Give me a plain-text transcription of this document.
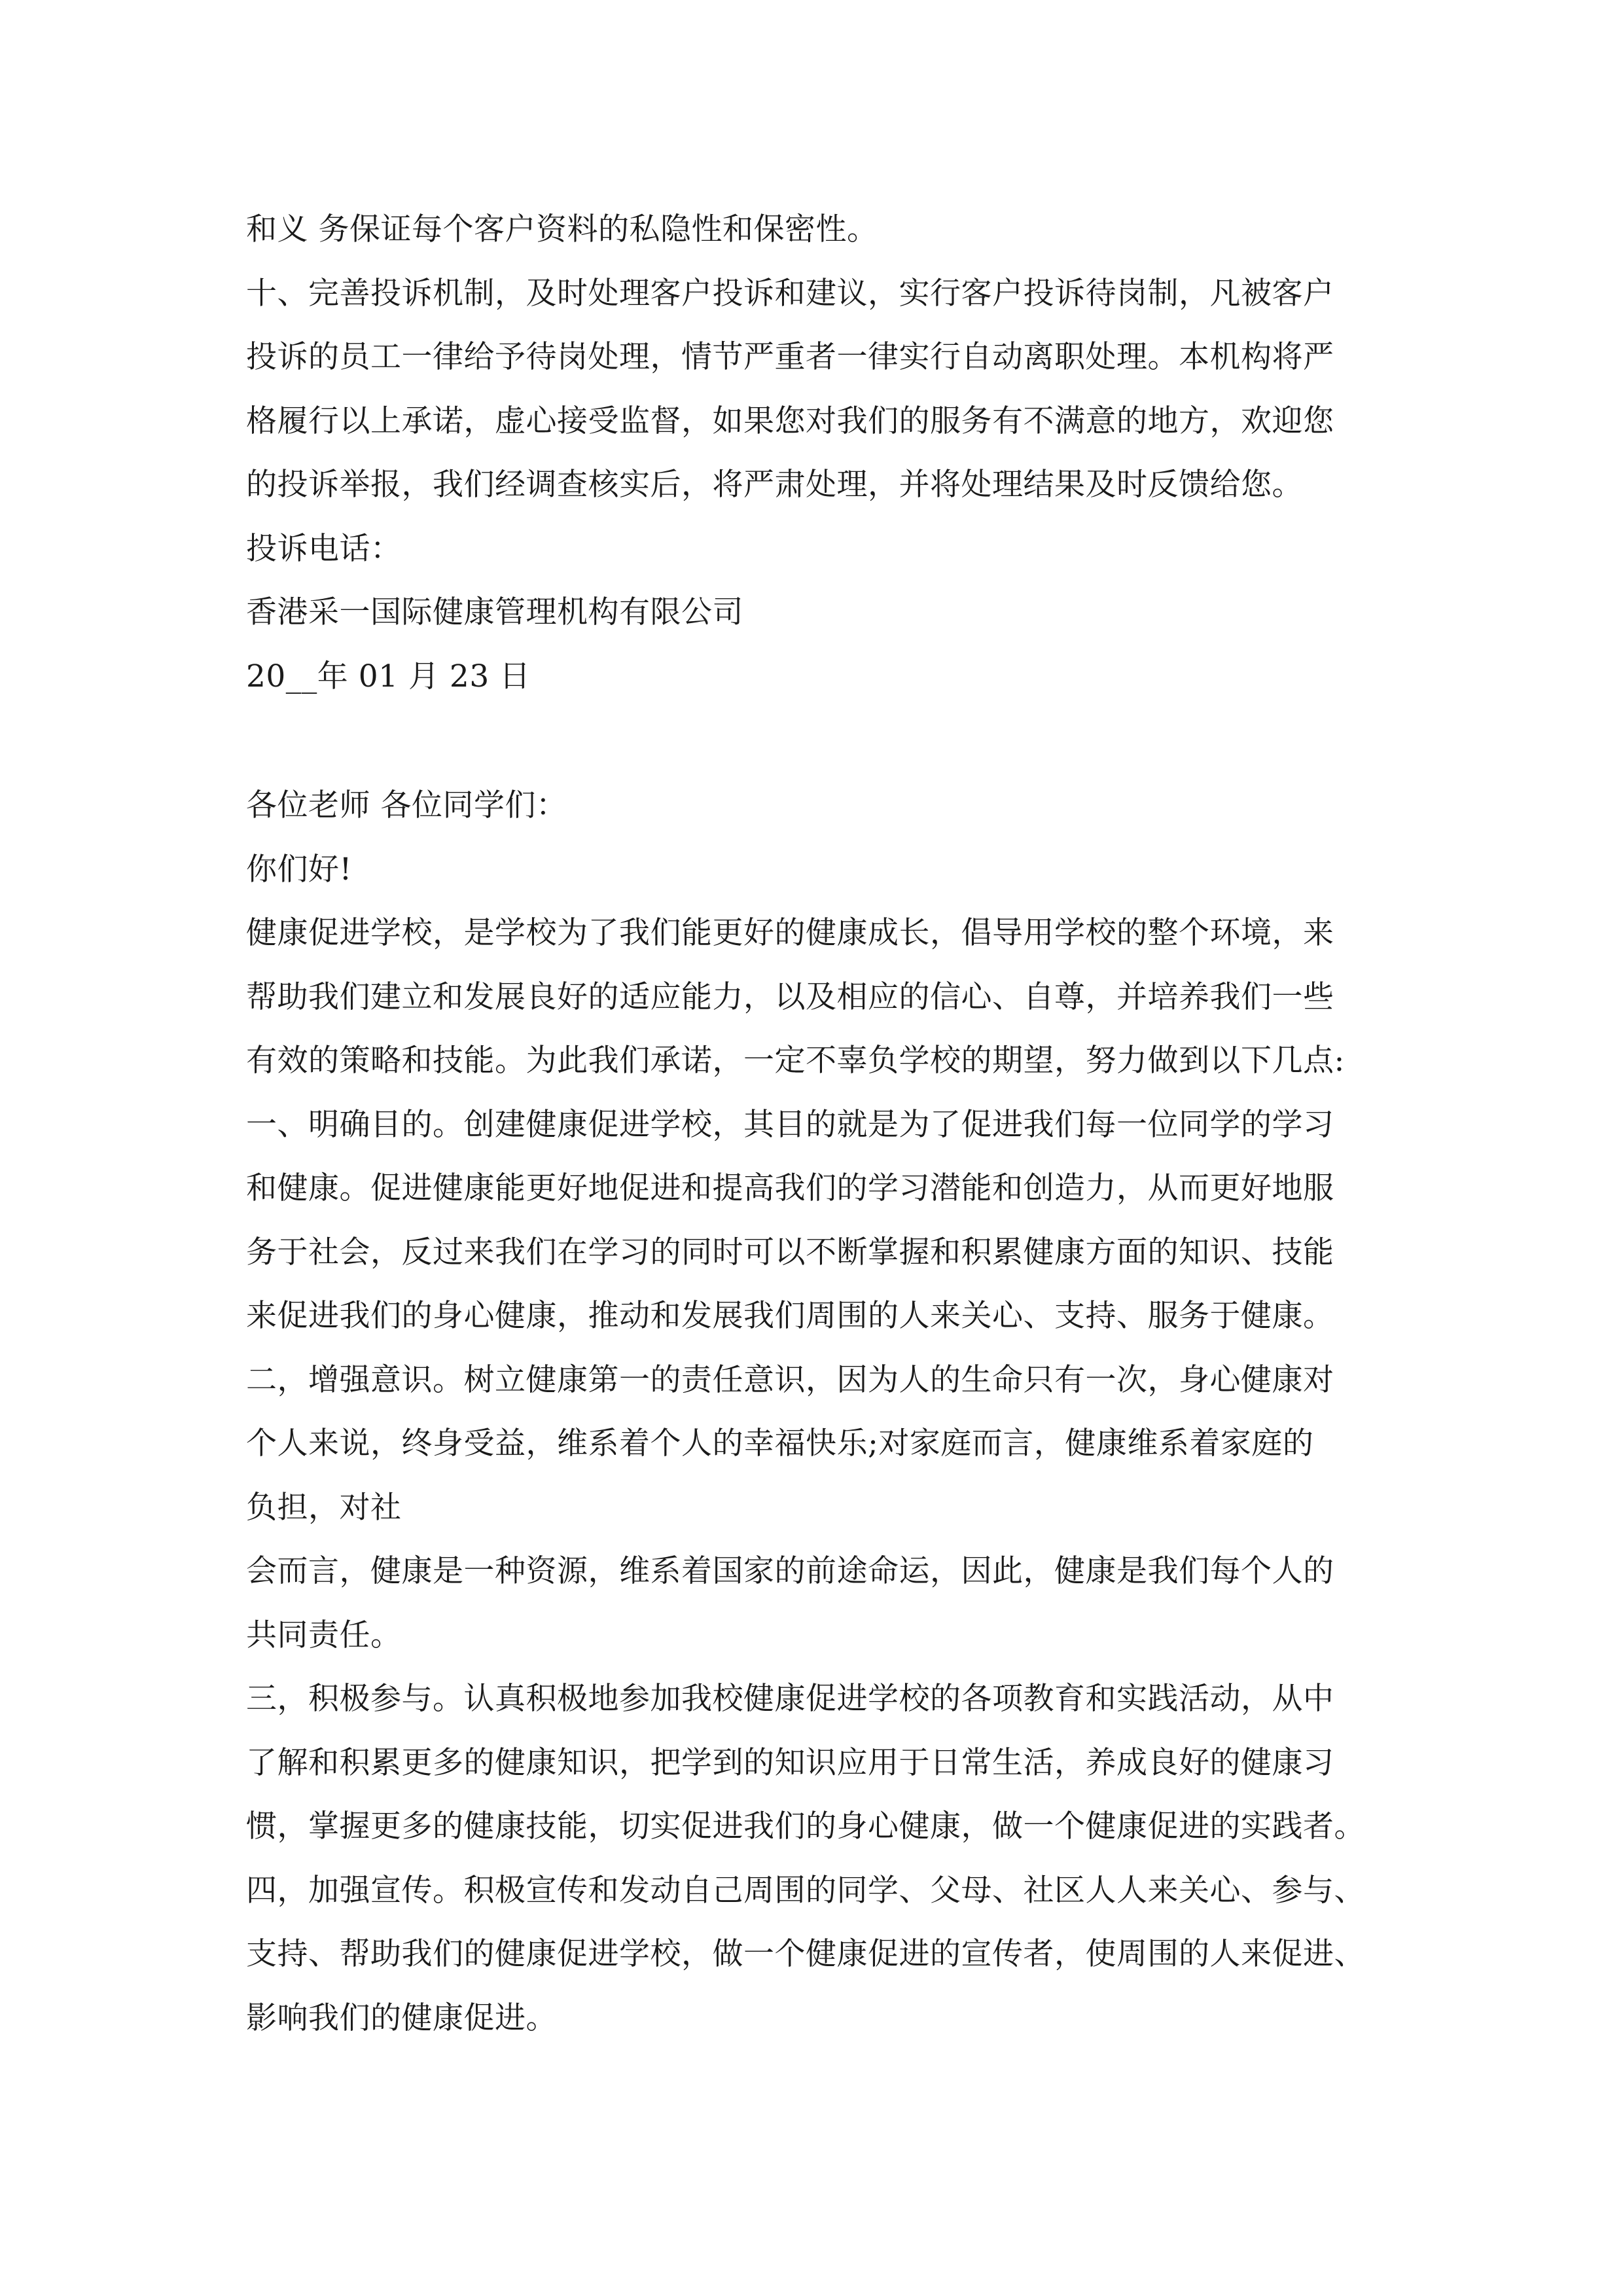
和义 务保证每个客户资料的私隐性和保密性。
十、完善投诉机制，及时处理客户投诉和建议，实行客户投诉待岗制，凡被客户
投诉的员工一律给予待岗处理，情节严重者一律实行自动离职处理。本机构将严
格履行以上承诺，虚心接受监督，如果您对我们的服务有不满意的地方，欢迎您
的投诉举报，我们经调查核实后，将严肃处理，并将处理结果及时反馈给您。
投诉电话：
香港采一国际健康管理机构有限公司
20__年 01 月 23 日
各位老师 各位同学们：
你们好!
健康促进学校，是学校为了我们能更好的健康成长，倡导用学校的整个环境，来
帮助我们建立和发展良好的适应能力，以及相应的信心、自尊，并培养我们一些
有效的策略和技能。为此我们承诺，一定不辜负学校的期望，努力做到以下几点:
一、明确目的。创建健康促进学校，其目的就是为了促进我们每一位同学的学习
和健康。促进健康能更好地促进和提高我们的学习潜能和创造力，从而更好地服
务于社会，反过来我们在学习的同时可以不断掌握和积累健康方面的知识、技能
来促进我们的身心健康，推动和发展我们周围的人来关心、支持、服务于健康。
二，增强意识。树立健康第一的责任意识，因为人的生命只有一次，身心健康对
个人来说，终身受益，维系着个人的幸福快乐;对家庭而言，健康维系着家庭的
负担，对社
会而言，健康是一种资源，维系着国家的前途命运，因此，健康是我们每个人的
共同责任。
三，积极参与。认真积极地参加我校健康促进学校的各项教育和实践活动，从中
了解和积累更多的健康知识，把学到的知识应用于日常生活，养成良好的健康习
惯，掌握更多的健康技能，切实促进我们的身心健康，做一个健康促进的实践者。
四，加强宣传。积极宣传和发动自己周围的同学、父母、社区人人来关心、参与、
支持、帮助我们的健康促进学校，做一个健康促进的宣传者，使周围的人来促进、
影响我们的健康促进。
